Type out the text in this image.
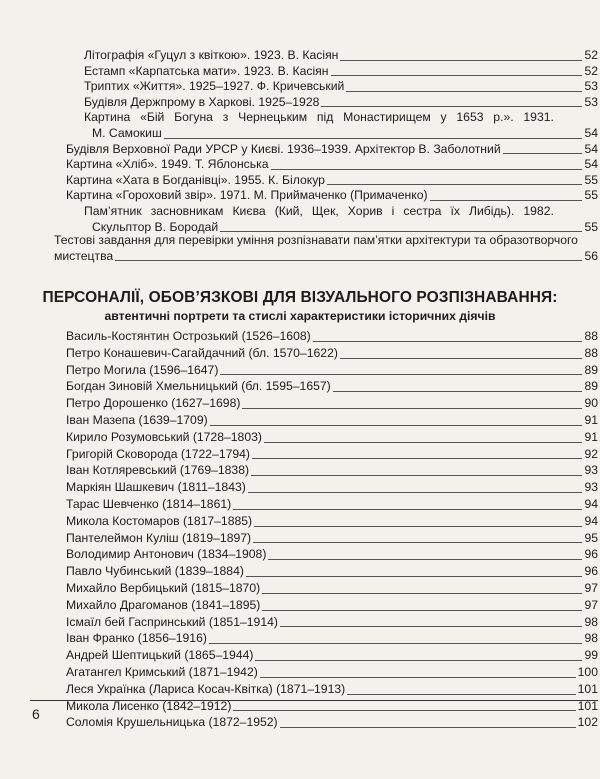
Літографія «Гуцул з квіткою». 1923. В. Касіян	52
Естамп «Карпатська мати». 1923. В. Касіян	52
Триптих «Життя». 1925–1927. Ф. Кричевський	53
Будівля Держпрому в Харкові. 1925–1928	53
Картина «Бій Богуна з Чернецьким під Монастирищем у 1653 р.». 1931.
М. Самокиш	54
Будівля Верховної Ради УРСР у Києві. 1936–1939. Архітектор В. Заболотний	54
Картина «Хліб». 1949. Т. Яблонська	54
Картина «Хата в Богданівці». 1955. К. Білокур	55
Картина «Гороховий звір». 1971. М. Приймаченко (Примаченко)	55
Пам’ятник засновникам Києва (Кий, Щек, Хорив і сестра їх Либідь). 1982.
Скульптор В. Бородай	55
Тестові завдання для перевірки уміння розпізнавати пам’ятки архітектури та образотворчого
мистецтва	56
ПЕРСОНАЛІЇ, ОБОВ’ЯЗКОВІ ДЛЯ ВІЗУАЛЬНОГО РОЗПІЗНАВАННЯ:
автентичні портрети та стислі характеристики історичних діячів
Василь-Костянтин Острозький (1526–1608)	88
Петро Конашевич-Сагайдачний (бл. 1570–1622)	88
Петро Могила (1596–1647)	89
Богдан Зиновій Хмельницький (бл. 1595–1657)	89
Петро Дорошенко (1627–1698)	90
Іван Мазепа (1639–1709)	91
Кирило Розумовський (1728–1803)	91
Григорій Сковорода (1722–1794)	92
Іван Котляревський (1769–1838)	93
Маркіян Шашкевич (1811–1843)	93
Тарас Шевченко (1814–1861)	94
Микола Костомаров (1817–1885)	94
Пантелеймон Куліш (1819–1897)	95
Володимир Антонович (1834–1908)	96
Павло Чубинський (1839–1884)	96
Михайло Вербицький (1815–1870)	97
Михайло Драгоманов (1841–1895)	97
Ісмаїл бей Гаспринський (1851–1914)	98
Іван Франко (1856–1916)	98
Андрей Шептицький (1865–1944)	99
Агатангел Кримський (1871–1942)	100
Леся Українка (Лариса Косач-Квітка) (1871–1913)	101
Микола Лисенко (1842–1912)	101
Соломія Крушельницька (1872–1952)	102
6
